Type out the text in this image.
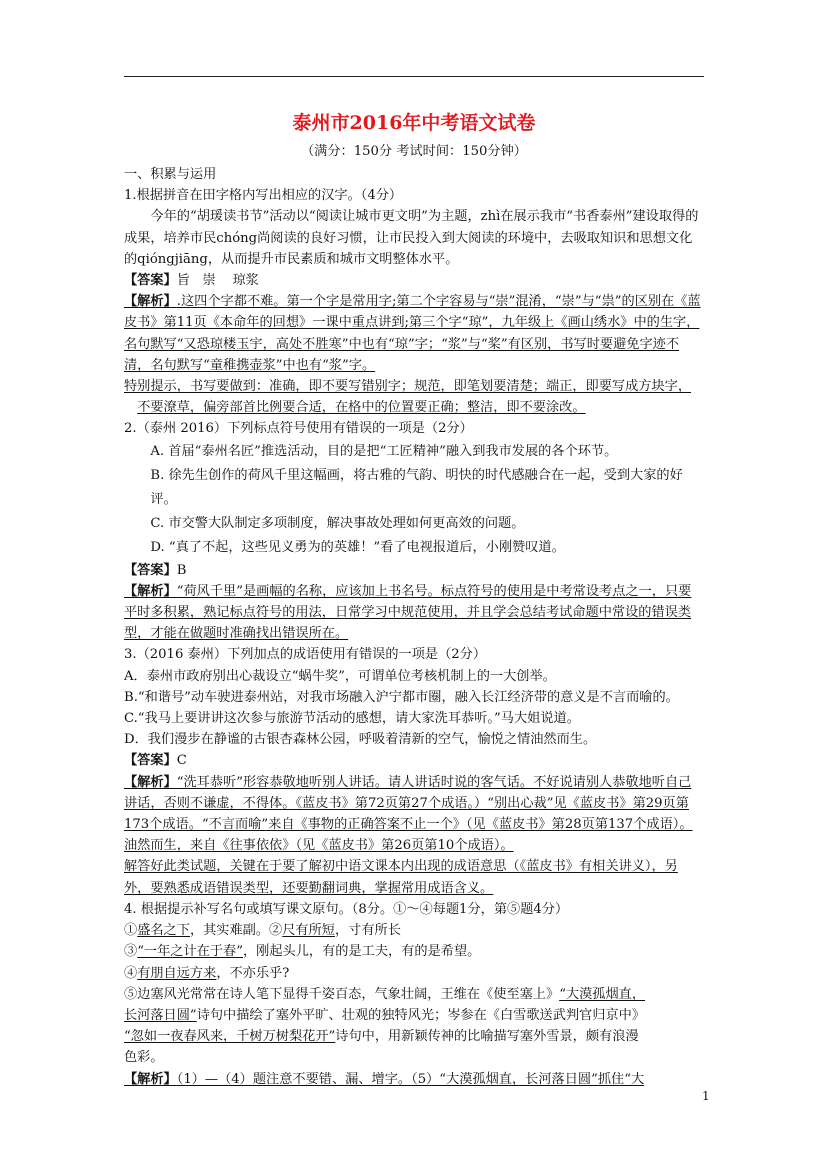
泰州市2016年中考语文试卷
（满分：150分 考试时间：150分钟）
一、积累与运用
1.根据拼音在田字格内写出相应的汉字。（4分）
今年的“胡瑗读书节”活动以“阅读让城市更文明”为主题，zhì在展示我市“书香泰州”建设取得的成果，培养市民chóng尚阅读的良好习惯，让市民投入到大阅读的环境中，去吸取知识和思想文化的qióngjiāng，从而提升市民素质和城市文明整体水平。
【答案】旨   崇    琼浆
【解析】.这四个字都不难。第一个字是常用字;第二个字容易与“崇”混淆，“崇”与“祟”的区别在《蓝皮书》第11页《本命年的回想》一课中重点讲到;第三个字“琼”，九年级上《画山绣水》中的生字，名句默写“又恐琼楼玉宇，高处不胜寒”中也有“琼”字；“浆”与“桨”有区别，书写时要避免字迹不清，名句默写“童稚携壶浆”中也有“浆”字。
特别提示，书写要做到：准确，即不要写错别字；规范，即笔划要清楚；端正，即要写成方块字，不要潦草，偏旁部首比例要合适，在格中的位置要正确；整洁，即不要涂改。
2.（泰州 2016）下列标点符号使用有错误的一项是（2分）
A. 首届“泰州名匠”推选活动，目的是把“工匠精神”融入到我市发展的各个环节。
B. 徐先生创作的荷风千里这幅画，将古雅的气韵、明快的时代感融合在一起，受到大家的好评。
C. 市交警大队制定多项制度，解决事故处理如何更高效的问题。
D. “真了不起，这些见义勇为的英雄！”看了电视报道后，小刚赞叹道。
【答案】B
【解析】“荷风千里”是画幅的名称，应该加上书名号。标点符号的使用是中考常设考点之一，只要平时多积累，熟记标点符号的用法，日常学习中规范使用，并且学会总结考试命题中常设的错误类型，才能在做题时准确找出错误所在。
3.（2016 泰州）下列加点的成语使用有错误的一项是（2分）
A．泰州市政府别出心裁设立“蜗牛奖”，可谓单位考核机制上的一大创举。
B.“和谐号”动车驶进泰州站，对我市场融入沪宁都市圈，融入长江经济带的意义是不言而喻的。
C.“我马上要讲讲这次参与旅游节活动的感想，请大家洗耳恭听。”马大姐说道。
D．我们漫步在静谧的古银杏森林公园，呼吸着清新的空气，愉悦之情油然而生。
【答案】C
【解析】“洗耳恭听”形容恭敬地听别人讲话。请人讲话时说的客气话。不好说请别人恭敬地听自己讲话，否则不谦虚，不得体。《蓝皮书》第72页第27个成语。）“别出心裁”见《蓝皮书》第29页第173个成语。“不言而喻”来自《事物的正确答案不止一个》（见《蓝皮书》第28页第137个成语）。油然而生，来自《往事依依》（见《蓝皮书》第26页第10个成语）。
解答好此类试题，关键在于要了解初中语文课本内出现的成语意思（《蓝皮书》有相关讲义），另外，要熟悉成语错误类型，还要勤翻词典，掌握常用成语含义。
4. 根据提示补写名句或填写课文原句。（8分。①～④每题1分，第⑤题4分）
①盛名之下，其实难副。②尺有所短，寸有所长
③“一年之计在于春”，刚起头儿，有的是工夫，有的是希望。
④有朋自远方来，不亦乐乎?
⑤边塞风光常常在诗人笔下显得千姿百态，气象壮阔，王维在《使至塞上》“大漠孤烟直，
长河落日圆”诗句中描绘了塞外平旷、壮观的独特风光；岑参在《白雪歌送武判官归京中》
“忽如一夜春风来，千树万树梨花开”诗句中，用新颖传神的比喻描写塞外雪景，颇有浪漫
色彩。
【解析】（1）—（4）题注意不要错、漏、增字。（5）“大漠孤烟直，长河落日圆”抓住“大
1
